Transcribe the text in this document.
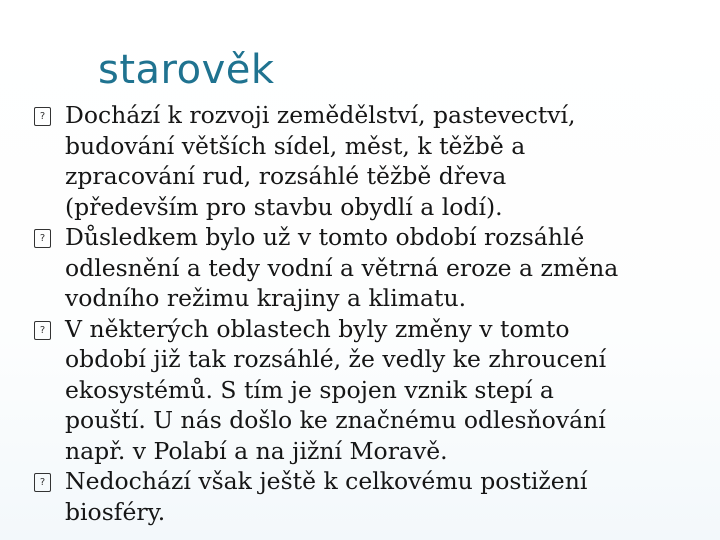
starověk
?
Dochází k rozvoji zemědělství, pastevectví,
budování větších sídel, měst, k těžbě a
zpracování rud, rozsáhlé těžbě dřeva
(především pro stavbu obydlí a lodí).
?
Důsledkem bylo už v tomto období rozsáhlé
odlesnění a tedy vodní a větrná eroze a změna
vodního režimu krajiny a klimatu.
?
V některých oblastech byly změny v tomto
období již tak rozsáhlé, že vedly ke zhroucení
ekosystémů. S tím je spojen vznik stepí a
pouští. U nás došlo ke značnému odlesňování
např. v Polabí a na jižní Moravě.
?
Nedochází však ještě k celkovému postižení
biosféry.
